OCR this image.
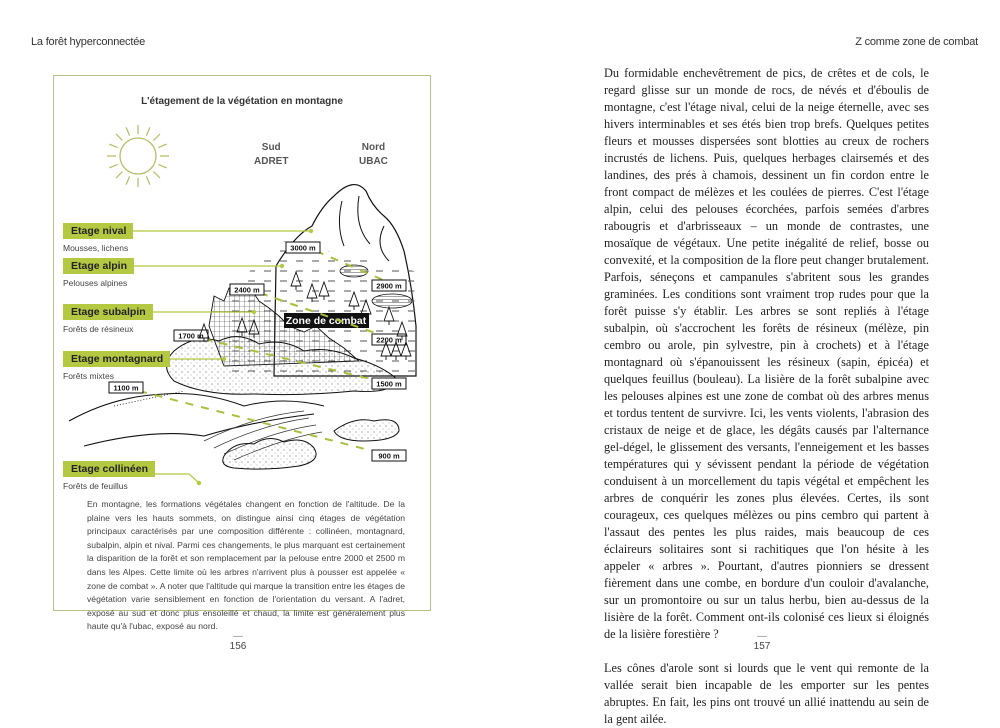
La forêt hyperconnectée
L'étagement de la végétation en montagne
Sud
ADRET
Nord
UBAC
Zone de combat
3000 m
2900 m
2400 m
2200 m
1700 m
1500 m
1100 m
900 m
Etage nival
Mousses, lichens
Etage alpin
Pelouses alpines
Etage subalpin
Forêts de résineux
Etage montagnard
Forêts mixtes
Etage collinéen
Forêts de feuillus
En montagne, les formations végétales changent en fonction de l'altitude. De la plaine vers les hauts sommets, on distingue ainsi cinq étages de végétation principaux caractérisés par une composition différente : collinéen, montagnard, subalpin, alpin et nival. Parmi ces changements, le plus marquant est certainement la disparition de la forêt et son remplacement par la pelouse entre 2000 et 2500 m dans les Alpes. Cette limite où les arbres n'arrivent plus à pousser est appelée « zone de combat ». A noter que l'altitude qui marque la transition entre les étages de végétation varie sensiblement en fonction de l'orientation du versant. A l'adret, exposé au sud et donc plus ensoleillé et chaud, la limite est généralement plus haute qu'à l'ubac, exposé au nord.
—
156
Z comme zone de combat

Du formidable enchevêtrement de pics, de crêtes et de cols, le regard glisse sur un monde de rocs, de névés et d'éboulis de montagne, c'est l'étage nival, celui de la neige éternelle, avec ses hivers interminables et ses étés bien trop brefs. Quelques petites fleurs et mousses dispersées sont blotties au creux de rochers incrustés de lichens. Puis, quelques herbages clairsemés et des landines, des prés à chamois, dessinent un fin cordon entre le front compact de mélèzes et les coulées de pierres. C'est l'étage alpin, celui des pelouses écorchées, parfois semées d'arbres rabougris et d'arbrisseaux – un monde de contrastes, une mosaïque de végétaux. Une petite inégalité de relief, bosse ou convexité, et la composition de la flore peut changer brutalement. Parfois, séneçons et campanules s'abritent sous les grandes graminées. Les conditions sont vraiment trop rudes pour que la forêt puisse s'y établir. Les arbres se sont repliés à l'étage subalpin, où s'accrochent les forêts de résineux (mélèze, pin cembro ou arole, pin sylvestre, pin à crochets) et à l'étage montagnard où s'épanouissent les résineux (sapin, épicéa) et quelques feuillus (bouleau). La lisière de la forêt subalpine avec les pelouses alpines est une zone de combat où des arbres menus et tordus tentent de survivre. Ici, les vents violents, l'abrasion des cristaux de neige et de glace, les dégâts causés par l'alternance gel-dégel, le glissement des versants, l'enneigement et les basses températures qui y sévissent pendant la période de végétation conduisent à un morcellement du tapis végétal et empêchent les arbres de conquérir les zones plus élevées. Certes, ils sont courageux, ces quelques mélèzes ou pins cembro qui partent à l'assaut des pentes les plus raides, mais beaucoup de ces éclaireurs solitaires sont si rachitiques que l'on hésite à les appeler « arbres ». Pourtant, d'autres pionniers se dressent fièrement dans une combe, en bordure d'un couloir d'avalanche, sur un promontoire ou sur un talus herbu, bien au-dessus de la lisière de la forêt. Comment ont-ils colonisé ces lieux si éloignés de la lisière forestière ?

Les cônes d'arole sont si lourds que le vent qui remonte de la vallée serait bien incapable de les emporter sur les pentes abruptes. En fait, les pins ont trouvé un allié inattendu au sein de la gent ailée.

—
157
